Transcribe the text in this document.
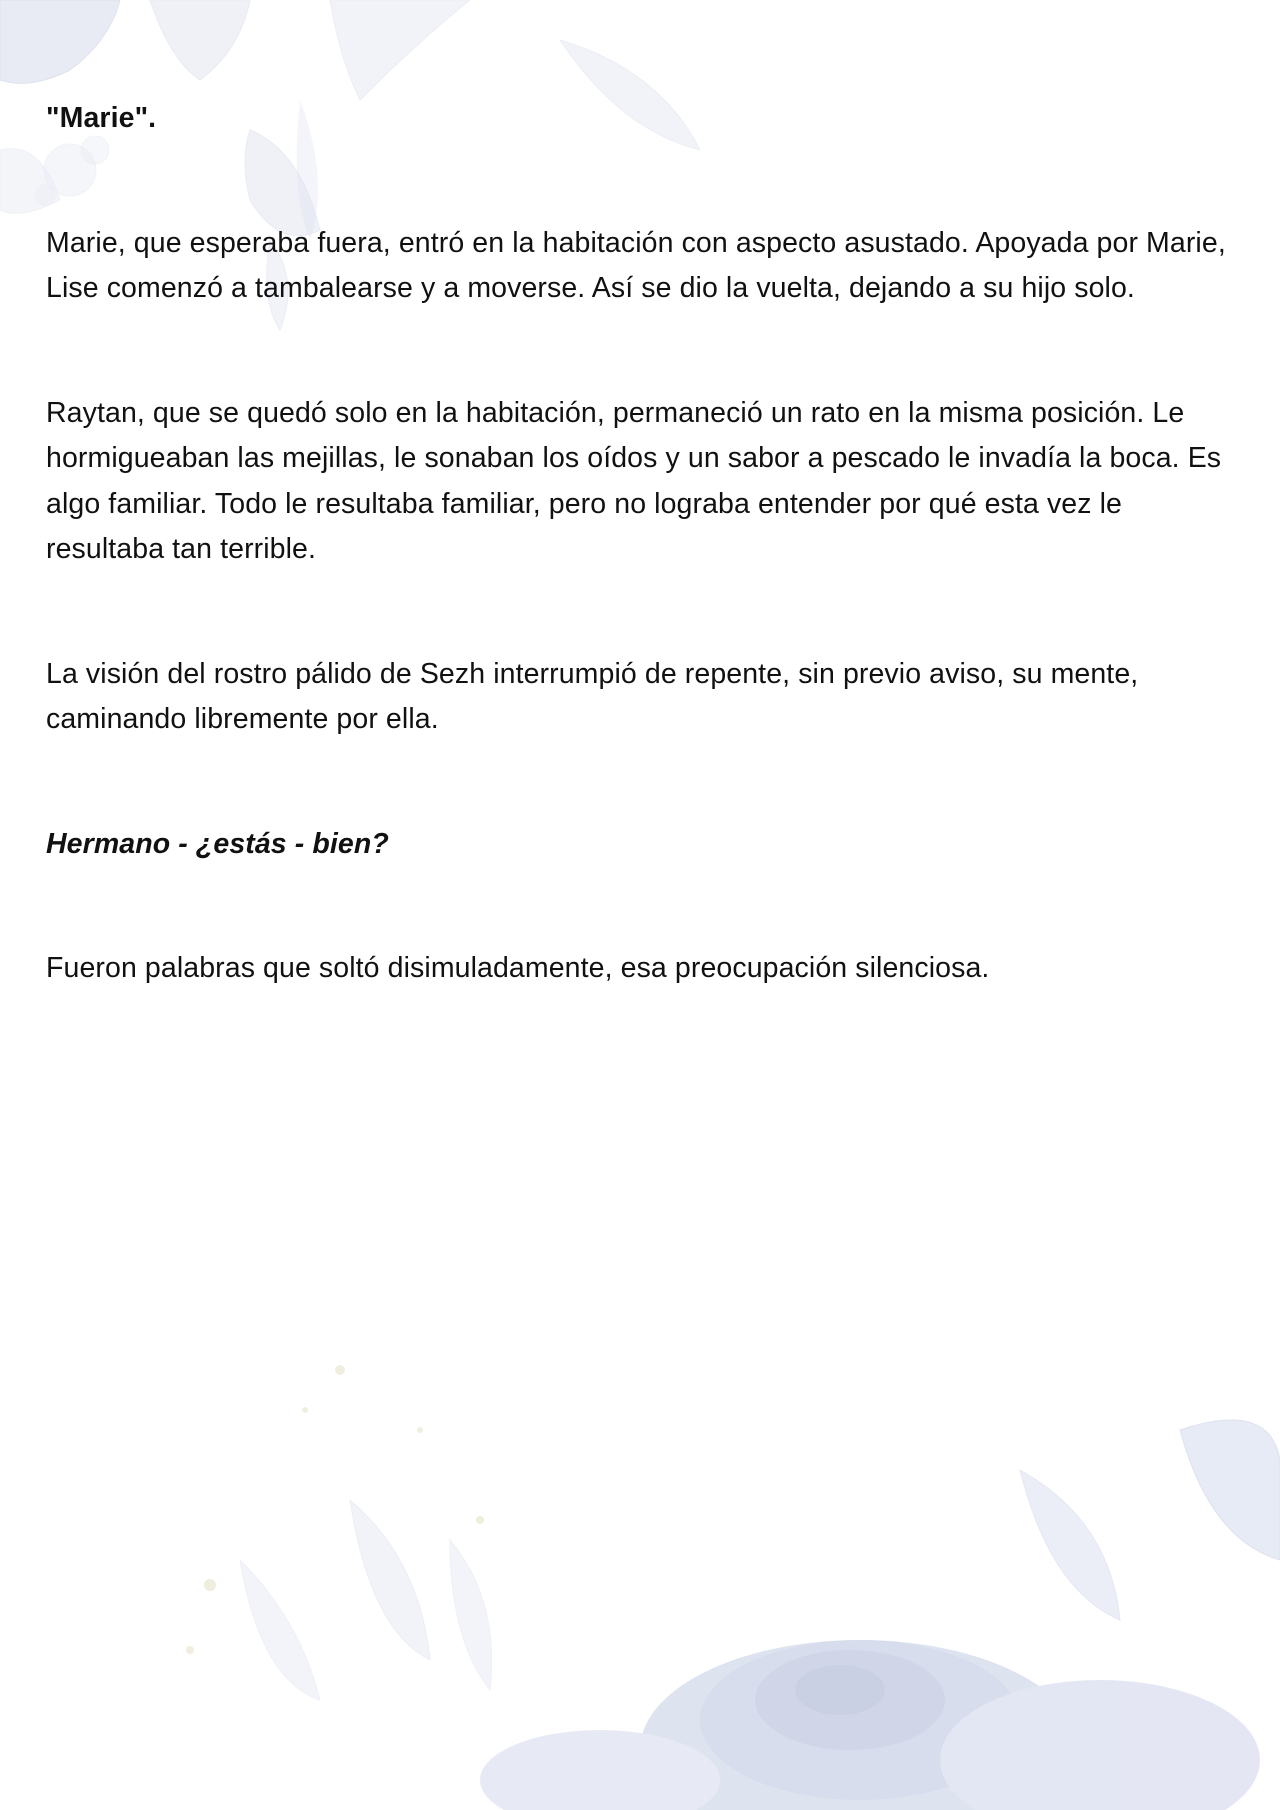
"Marie".

Marie, que esperaba fuera, entró en la habitación con aspecto asustado. Apoyada por Marie, Lise comenzó a tambalearse y a moverse. Así se dio la vuelta, dejando a su hijo solo.

Raytan, que se quedó solo en la habitación, permaneció un rato en la misma posición. Le hormigueaban las mejillas, le sonaban los oídos y un sabor a pescado le invadía la boca. Es algo familiar. Todo le resultaba familiar, pero no lograba entender por qué esta vez le resultaba tan terrible.

La visión del rostro pálido de Sezh interrumpió de repente, sin previo aviso, su mente, caminando libremente por ella.

Hermano - ¿estás - bien?

Fueron palabras que soltó disimuladamente, esa preocupación silenciosa.
